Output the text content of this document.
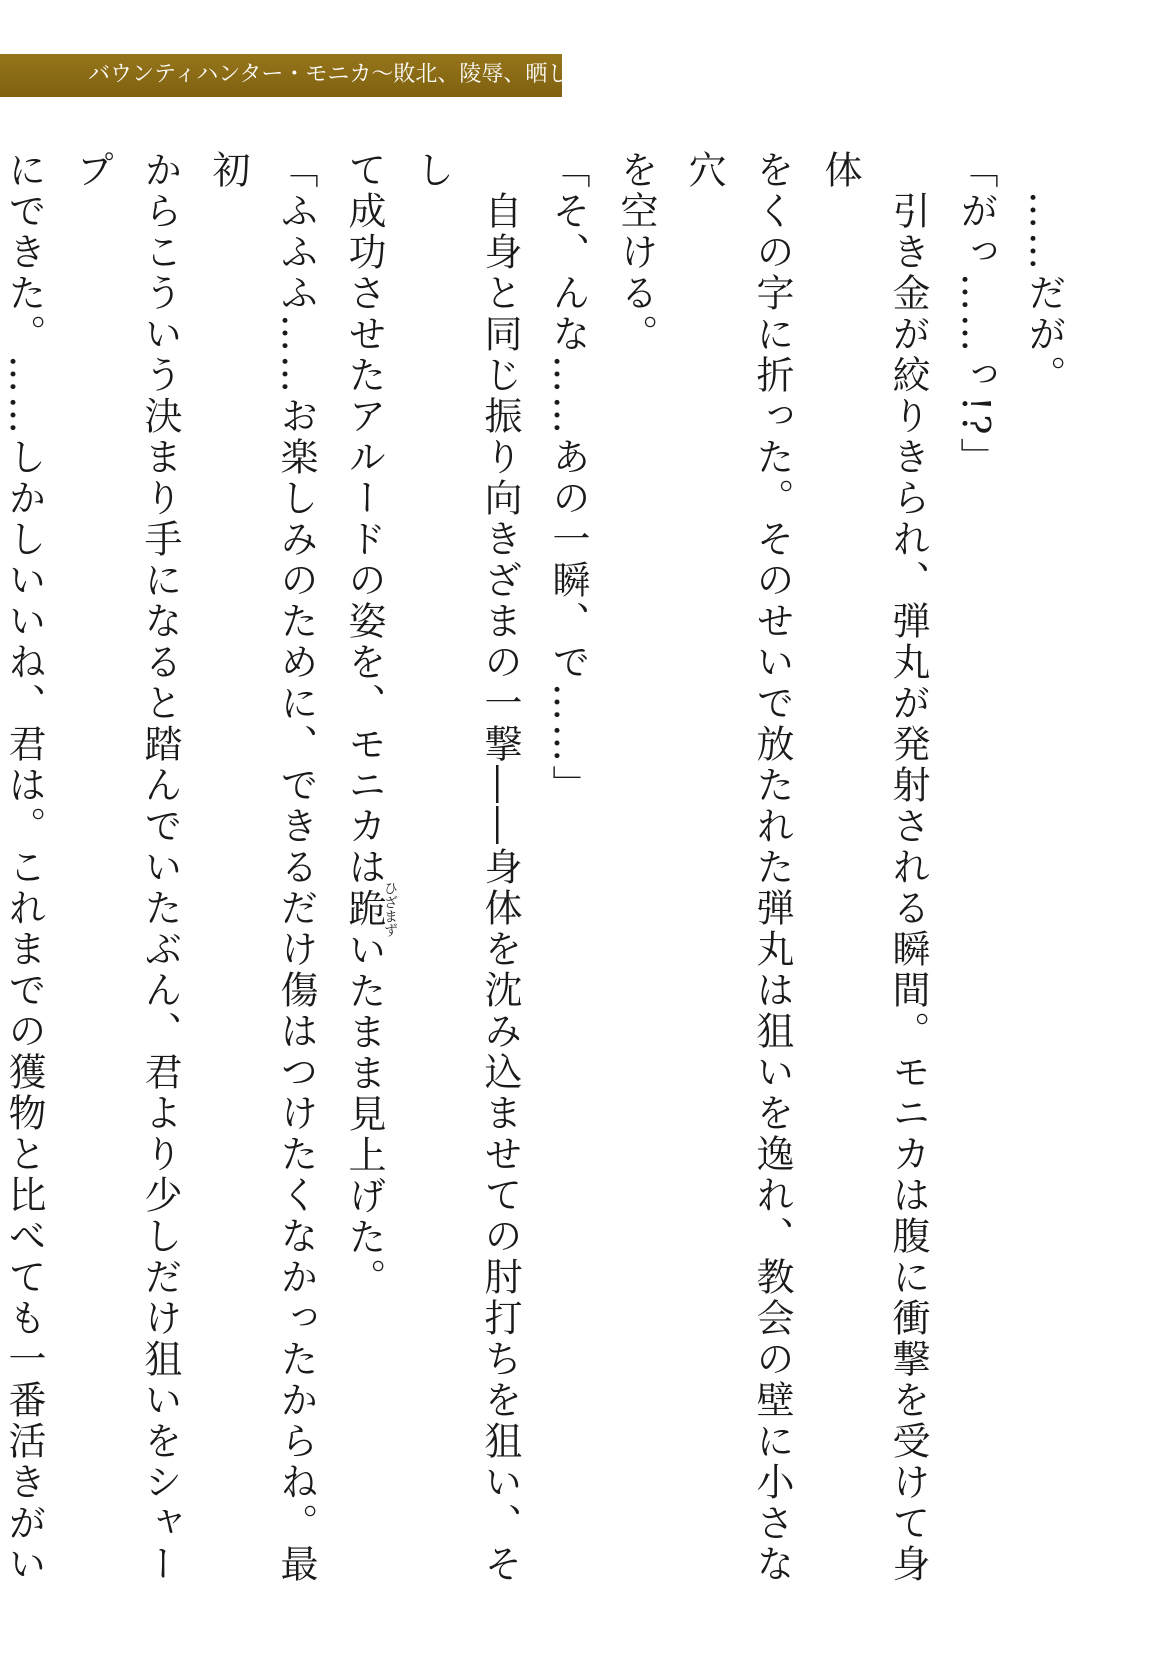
バウンティハンター・モニカ～敗北、陵辱、晒し者～

　……だが。

「がっ……っ!?」

　引き金が絞りきられ、弾丸が発射される瞬間。モニカは腹に衝撃を受けて身体

をくの字に折った。そのせいで放たれた弾丸は狙いを逸れ、教会の壁に小さな穴

を空ける。

「そ、んな……あの一瞬、で……」

　自身と同じ振り向きざまの一撃――身体を沈み込ませての肘打ちを狙い、そし

て成功させたアルードの姿を、モニカは跪ひざまずいたまま見上げた。

「ふふふ……お楽しみのために、できるだけ傷はつけたくなかったからね。最初

からこういう決まり手になると踏んでいたぶん、君より少しだけ狙いをシャープ

にできた。……しかしいいね、君は。これまでの獲物と比べても一番活きがい
